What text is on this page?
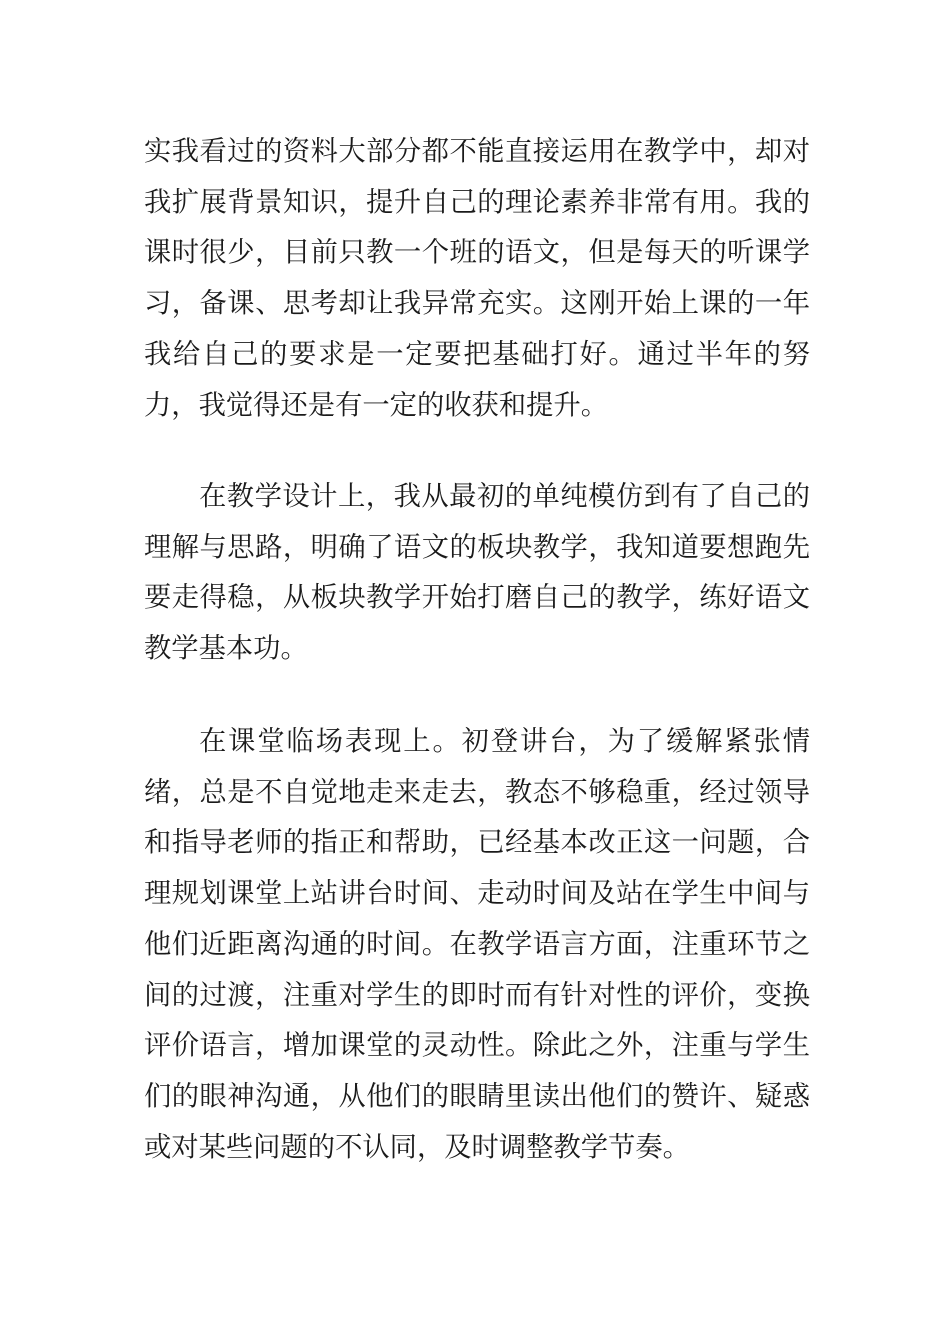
实我看过的资料大部分都不能直接运用在教学中，却对我扩展背景知识，提升自己的理论素养非常有用。我的课时很少，目前只教一个班的语文，但是每天的听课学习，备课、思考却让我异常充实。这刚开始上课的一年我给自己的要求是一定要把基础打好。通过半年的努力，我觉得还是有一定的收获和提升。

在教学设计上，我从最初的单纯模仿到有了自己的理解与思路，明确了语文的板块教学，我知道要想跑先要走得稳，从板块教学开始打磨自己的教学，练好语文教学基本功。

在课堂临场表现上。初登讲台，为了缓解紧张情绪，总是不自觉地走来走去，教态不够稳重，经过领导和指导老师的指正和帮助，已经基本改正这一问题，合理规划课堂上站讲台时间、走动时间及站在学生中间与他们近距离沟通的时间。在教学语言方面，注重环节之间的过渡，注重对学生的即时而有针对性的评价，变换评价语言，增加课堂的灵动性。除此之外，注重与学生们的眼神沟通，从他们的眼睛里读出他们的赞许、疑惑或对某些问题的不认同，及时调整教学节奏。
